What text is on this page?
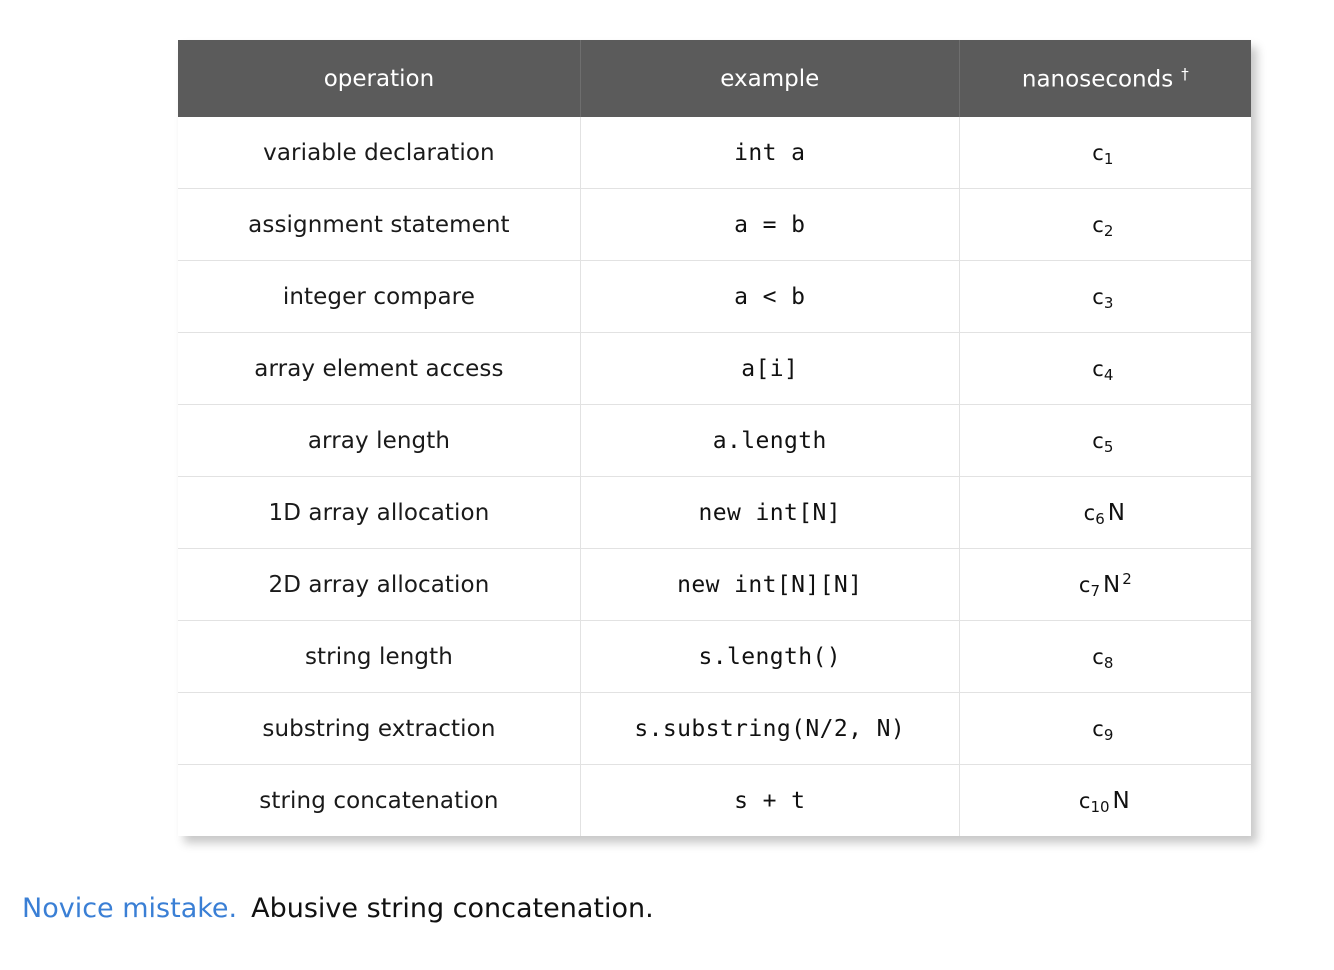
operation	example	nanoseconds †
variable declaration	int a	$c_1$
assignment statement	a = b	$c_2$
integer compare	a < b	$c_3$
array element access	a[i]	$c_4$
array length	a.length	$c_5$
1D array allocation	new int[N]	$c_6$ N
2D array allocation	new int[N][N]	$c_7$ N $^2$
string length	s.length()	$c_8$
substring extraction	s.substring(N/2, N)	$c_9$
string concatenation	s + t	$c_{10}$ N
Novice mistake. Abusive string concatenation.
